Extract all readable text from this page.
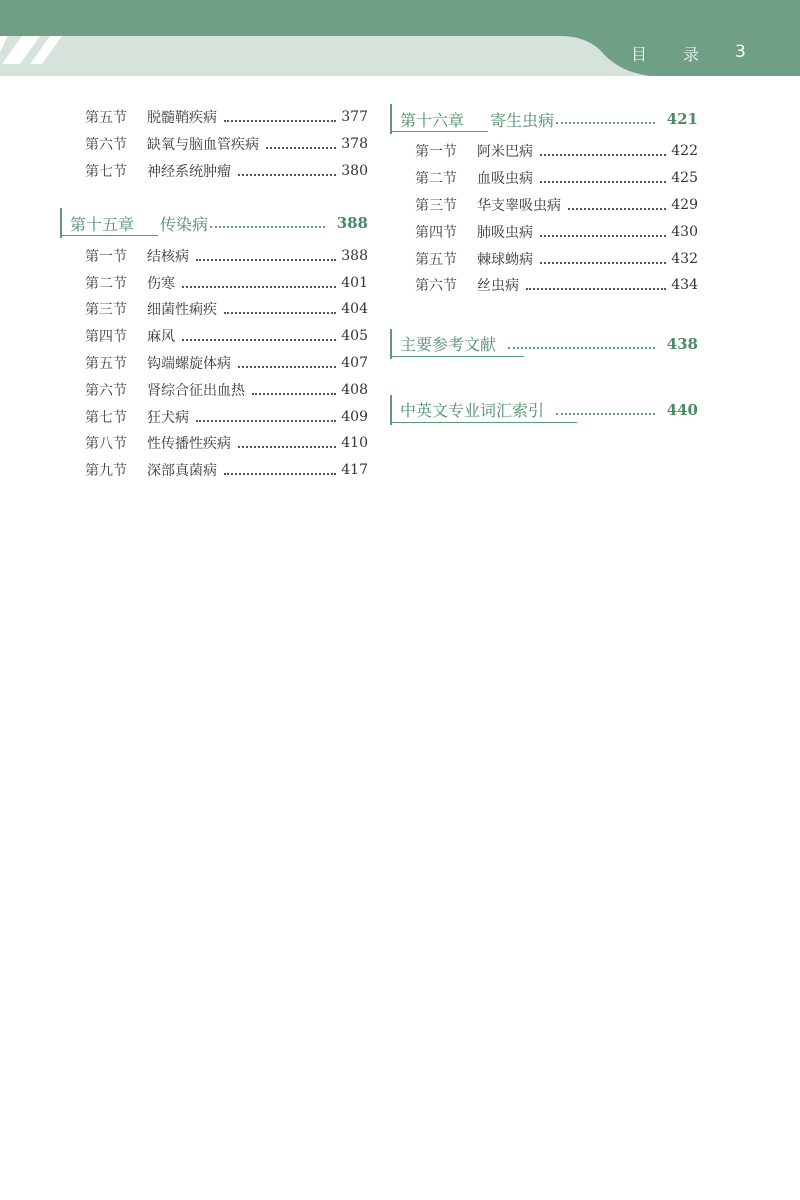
目 录 3
第五节	脱髓鞘疾病	377
第六节	缺氧与脑血管疾病	378
第七节	神经系统肿瘤	380
第十五章 传染病	388
第一节	结核病	388
第二节	伤寒	401
第三节	细菌性痢疾	404
第四节	麻风	405
第五节	钩端螺旋体病	407
第六节	肾综合征出血热	408
第七节	狂犬病	409
第八节	性传播性疾病	410
第九节	深部真菌病	417
第十六章 寄生虫病	421
第一节	阿米巴病	422
第二节	血吸虫病	425
第三节	华支睾吸虫病	429
第四节	肺吸虫病	430
第五节	棘球蚴病	432
第六节	丝虫病	434
主要参考文献	438
中英文专业词汇索引	440
